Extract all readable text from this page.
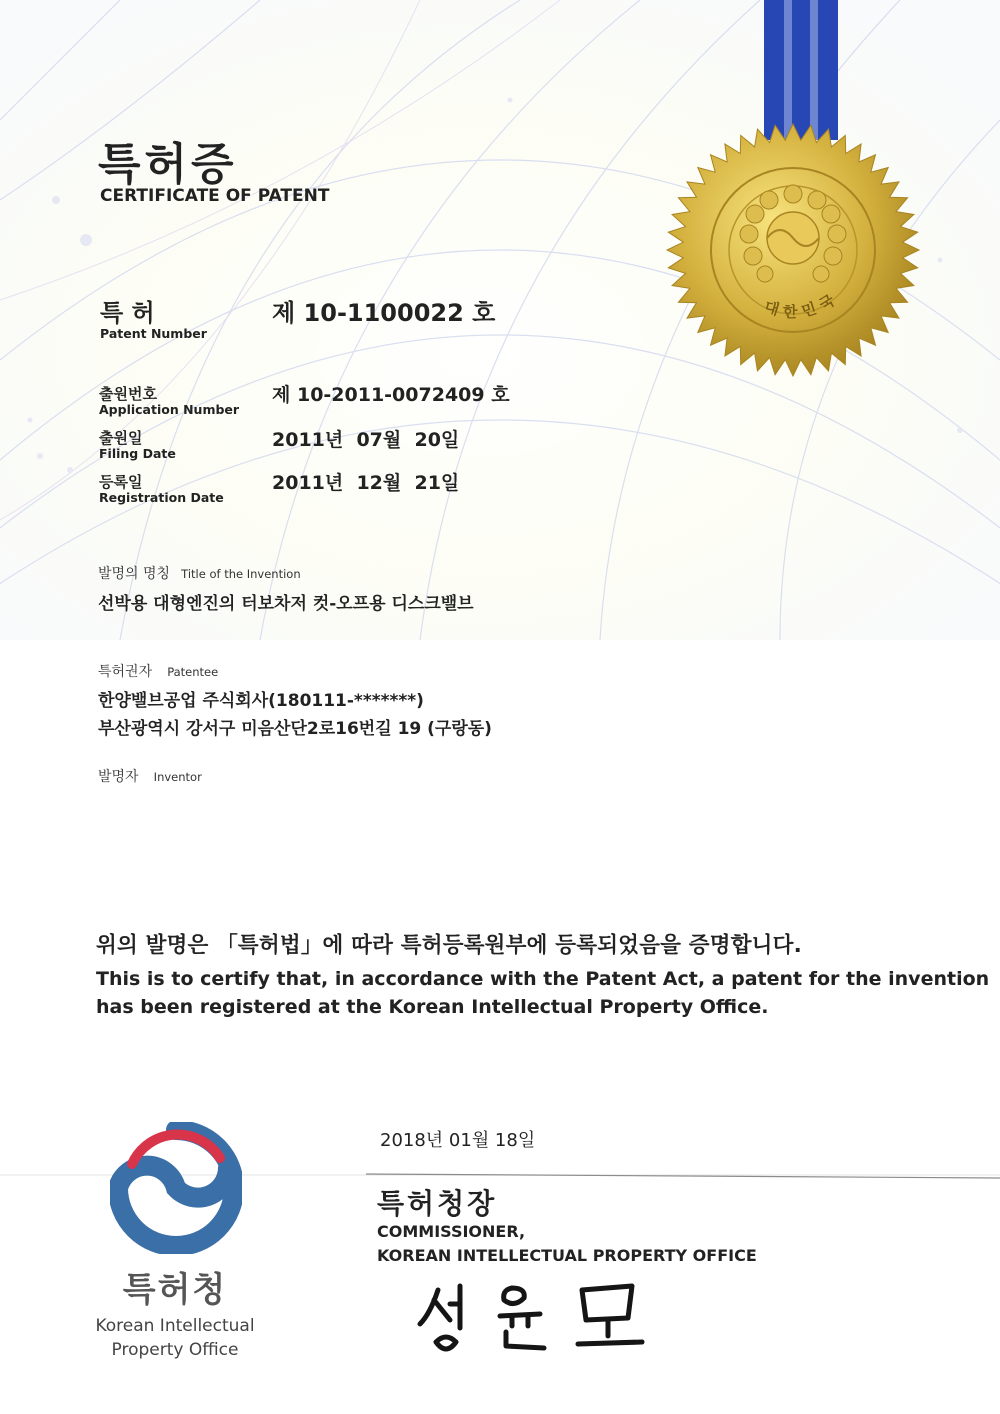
대한민국
특허증
CERTIFICATE OF PATENT
특 허
Patent Number
제 10-1100022 호
출원번호
Application Number
제 10-2011-0072409 호
출원일
Filing Date
2011년  07월  20일
등록일
Registration Date
2011년  12월  21일
발명의 명칭 Title of the Invention
선박용 대형엔진의 터보차저 컷-오프용 디스크밸브
특허권자 Patentee
한양밸브공업 주식회사(180111-*******)
부산광역시 강서구 미음산단2로16번길 19 (구랑동)
발명자 Inventor
위의 발명은 「특허법」에 따라 특허등록원부에 등록되었음을 증명합니다.
This is to certify that, in accordance with the Patent Act, a patent for the invention
has been registered at the Korean Intellectual Property Office.
2018년 01월 18일
특허청장
COMMISSIONER,
KOREAN INTELLECTUAL PROPERTY OFFICE
특허청
Korean Intellectual
Property Office
